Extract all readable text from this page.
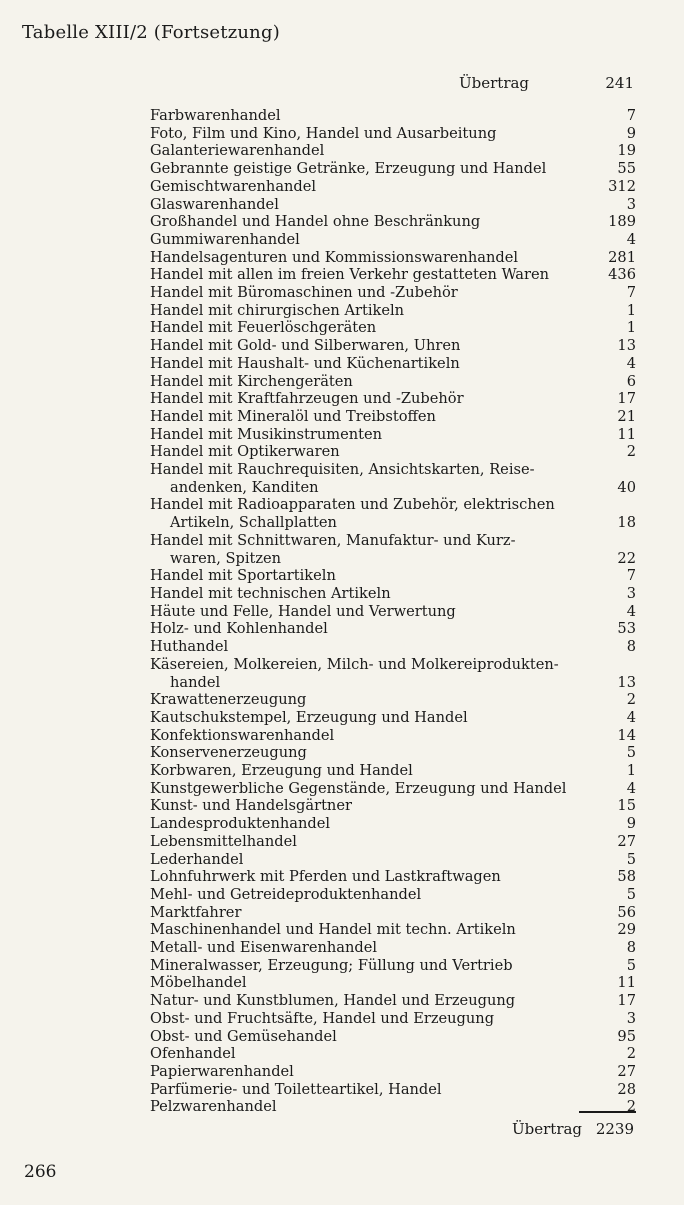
Tabelle XIII/2 (Fortsetzung)
Übertrag	241
Farbwarenhandel	7
Foto, Film und Kino, Handel und Ausarbeitung	9
Galanteriewarenhandel	19
Gebrannte geistige Getränke, Erzeugung und Handel	55
Gemischtwarenhandel	312
Glaswarenhandel	3
Großhandel und Handel ohne Beschränkung	189
Gummiwarenhandel	4
Handelsagenturen und Kommissionswarenhandel	281
Handel mit allen im freien Verkehr gestatteten Waren	436
Handel mit Büromaschinen und -Zubehör	7
Handel mit chirurgischen Artikeln	1
Handel mit Feuerlöschgeräten	1
Handel mit Gold- und Silberwaren, Uhren	13
Handel mit Haushalt- und Küchenartikeln	4
Handel mit Kirchengeräten	6
Handel mit Kraftfahrzeugen und -Zubehör	17
Handel mit Mineralöl und Treibstoffen	21
Handel mit Musikinstrumenten	11
Handel mit Optikerwaren	2
Handel mit Rauchrequisiten, Ansichtskarten, Reise-
andenken, Kanditen	40
Handel mit Radioapparaten und Zubehör, elektrischen
Artikeln, Schallplatten	18
Handel mit Schnittwaren, Manufaktur- und Kurz-
waren, Spitzen	22
Handel mit Sportartikeln	7
Handel mit technischen Artikeln	3
Häute und Felle, Handel und Verwertung	4
Holz- und Kohlenhandel	53
Huthandel	8
Käsereien, Molkereien, Milch- und Molkereiprodukten-
handel	13
Krawattenerzeugung	2
Kautschukstempel, Erzeugung und Handel	4
Konfektionswarenhandel	14
Konservenerzeugung	5
Korbwaren, Erzeugung und Handel	1
Kunstgewerbliche Gegenstände, Erzeugung und Handel	4
Kunst- und Handelsgärtner	15
Landesproduktenhandel	9
Lebensmittelhandel	27
Lederhandel	5
Lohnfuhrwerk mit Pferden und Lastkraftwagen	58
Mehl- und Getreideproduktenhandel	5
Marktfahrer	56
Maschinenhandel und Handel mit techn. Artikeln	29
Metall- und Eisenwarenhandel	8
Mineralwasser, Erzeugung; Füllung und Vertrieb	5
Möbelhandel	11
Natur- und Kunstblumen, Handel und Erzeugung	17
Obst- und Fruchtsäfte, Handel und Erzeugung	3
Obst- und Gemüsehandel	95
Ofenhandel	2
Papierwarenhandel	27
Parfümerie- und Toiletteartikel, Handel	28
Pelzwarenhandel	2
Übertrag 2239
266
